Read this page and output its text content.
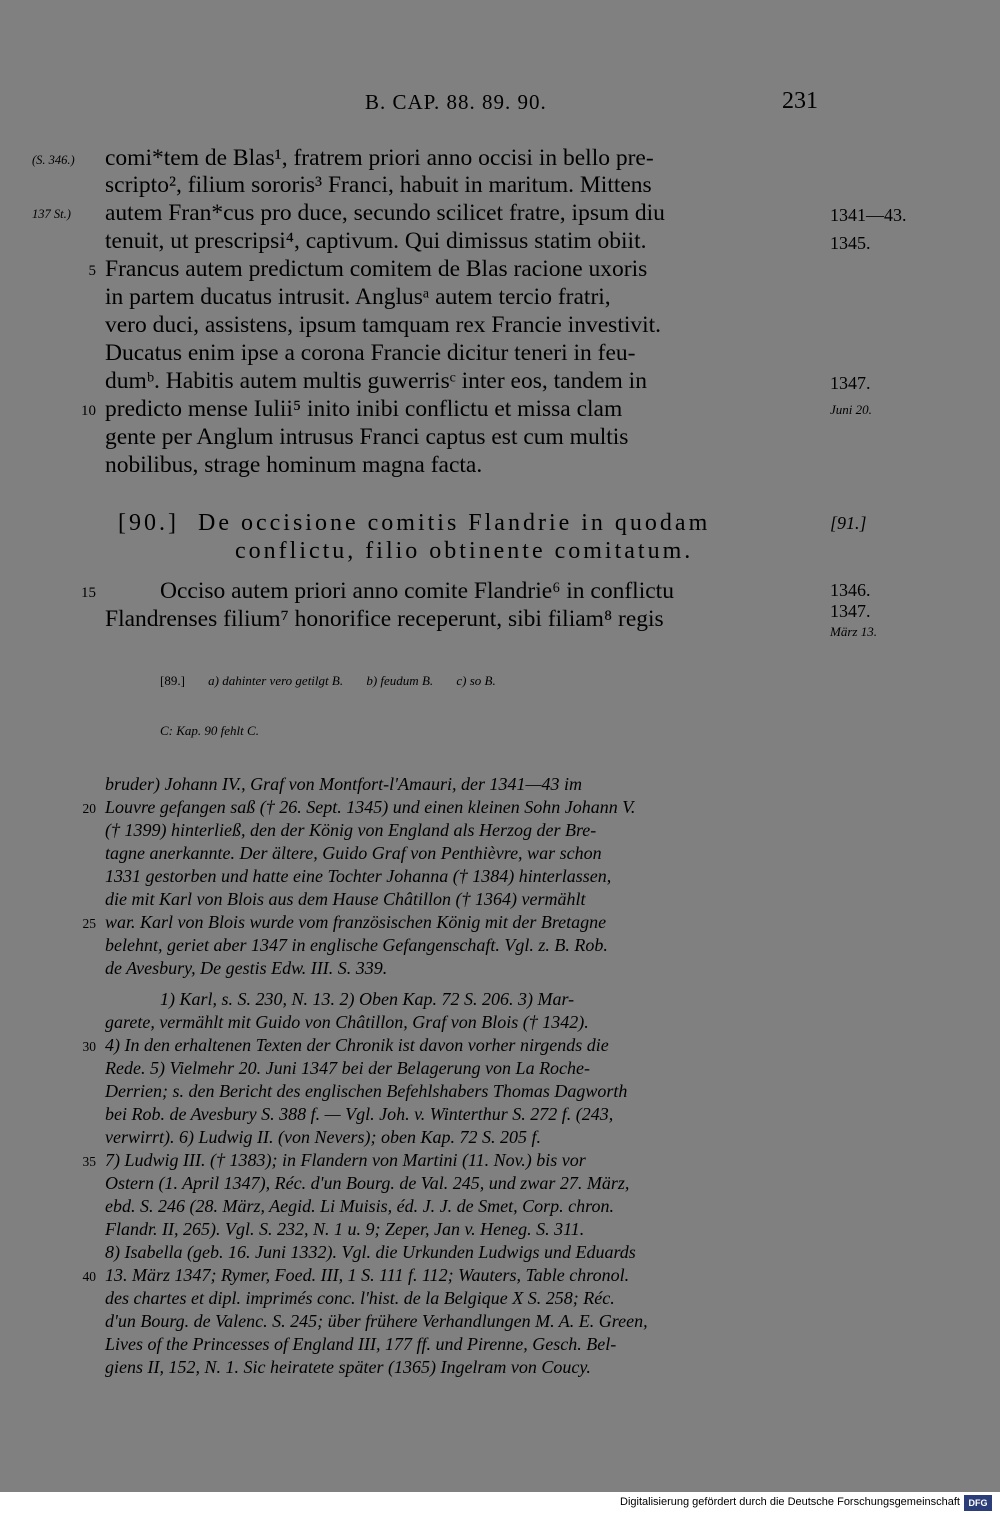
B. CAP. 88. 89. 90.	231
(S. 346.)
137 St.)
comi*tem de Blas¹, fratrem priori anno occisi in bello pre-
scripto², filium sororis³ Franci, habuit in maritum. Mittens
autem Fran*cus pro duce, secundo scilicet fratre, ipsum diu
tenuit, ut prescripsi⁴, captivum. Qui dimissus statim obiit.
Francus autem predictum comitem de Blas racione uxoris
in partem ducatus intrusit. Anglusᵃ autem tercio fratri,
vero duci, assistens, ipsum tamquam rex Francie investivit.
Ducatus enim ipse a corona Francie dicitur teneri in feu-
dumᵇ. Habitis autem multis guwerrisᶜ inter eos, tandem in
predicto mense Iulii⁵ inito inibi conflictu et missa clam
gente per Anglum intrusus Franci captus est cum multis
nobilibus, strage hominum magna facta.
1341—43.
1345.
1347.
Juni 20.
5
10
[90.] De occisione comitis Flandrie in quodam
conflictu, filio obtinente comitatum.
[91.]
15	Occiso autem priori anno comite Flandrie⁶ in conflictu
Flandrenses filium⁷ honorifice receperunt, sibi filiam⁸ regis
1346.
1347.
März 13.
[89.] a) dahinter vero getilgt B. b) feudum B. c) so B.
C: Kap. 90 fehlt C.
bruder) Johann IV., Graf von Montfort-l'Amauri, der 1341—43 im
Louvre gefangen saß († 26. Sept. 1345) und einen kleinen Sohn Johann V.
(† 1399) hinterließ, den der König von England als Herzog der Bre-
tagne anerkannte. Der ältere, Guido Graf von Penthièvre, war schon
1331 gestorben und hatte eine Tochter Johanna († 1384) hinterlassen,
die mit Karl von Blois aus dem Hause Châtillon († 1364) vermählt
war. Karl von Blois wurde vom französischen König mit der Bretagne
belehnt, geriet aber 1347 in englische Gefangenschaft. Vgl. z. B. Rob.
de Avesbury, De gestis Edw. III. S. 339.
20
25
1) Karl, s. S. 230, N. 13. 2) Oben Kap. 72 S. 206. 3) Mar-
garete, vermählt mit Guido von Châtillon, Graf von Blois († 1342).
4) In den erhaltenen Texten der Chronik ist davon vorher nirgends die
Rede. 5) Vielmehr 20. Juni 1347 bei der Belagerung von La Roche-
Derrien; s. den Bericht des englischen Befehlshabers Thomas Dagworth
bei Rob. de Avesbury S. 388 f. — Vgl. Joh. v. Winterthur S. 272 f. (243,
verwirrt). 6) Ludwig II. (von Nevers); oben Kap. 72 S. 205 f.
7) Ludwig III. († 1383); in Flandern von Martini (11. Nov.) bis vor
Ostern (1. April 1347), Réc. d'un Bourg. de Val. 245, und zwar 27. März,
ebd. S. 246 (28. März, Aegid. Li Muisis, éd. J. J. de Smet, Corp. chron.
Flandr. II, 265). Vgl. S. 232, N. 1 u. 9; Zeper, Jan v. Heneg. S. 311.
8) Isabella (geb. 16. Juni 1332). Vgl. die Urkunden Ludwigs und Eduards
13. März 1347; Rymer, Foed. III, 1 S. 111 f. 112; Wauters, Table chronol.
des chartes et dipl. imprimés conc. l'hist. de la Belgique X S. 258; Réc.
d'un Bourg. de Valenc. S. 245; über frühere Verhandlungen M. A. E. Green,
Lives of the Princesses of England III, 177 ff. und Pirenne, Gesch. Bel-
giens II, 152, N. 1. Sic heiratete später (1365) Ingelram von Coucy.
30
35
40
Digitalisierung gefördert durch die Deutsche Forschungsgemeinschaft DFG
